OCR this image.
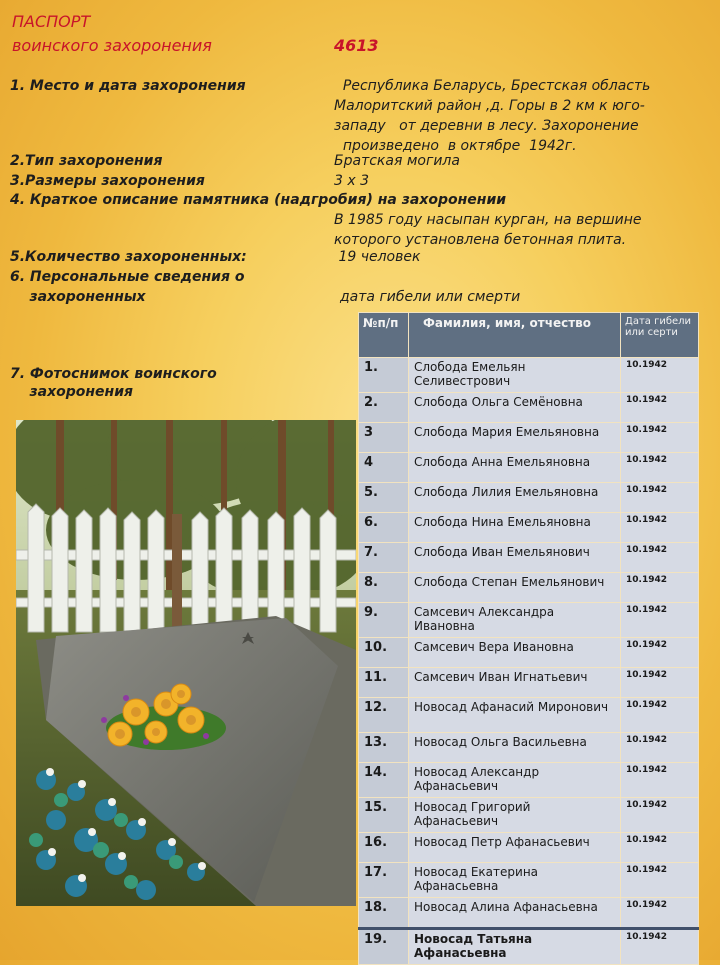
ПАСПОРТ
воинского захоронения	4613
1. Место и дата захоронения	Республика Беларусь, Брестская область
Малоритский район ,д. Горы в 2 км к юго-
западу   от деревни в лесу. Захоронение
произведено  в октябре  1942г.
2.Тип захоронения	Братская могила
3.Размеры захоронения	3 х 3
4. Краткое описание памятника (надгробия) на захоронении
В 1985 году насыпан курган, на вершине
которого установлена бетонная плита.
5.Количество захороненных:	19 человек
6. Персональные сведения о
захороненных	дата гибели или смерти
7. Фотоснимок воинского
захоронения
№п/п	Фамилия, имя, отчество	Дата гибели или серти
1.	Слобода Емельян Селивестрович	10.1942
2.	Слобода Ольга Семёновна	10.1942
3	Слобода Мария Емельяновна	10.1942
4	Слобода Анна Емельяновна	10.1942
5.	Слобода Лилия Емельяновна	10.1942
6.	Слобода Нина Емельяновна	10.1942
7.	Слобода Иван Емельянович	10.1942
8.	Слобода Степан Емельянович	10.1942
9.	Самсевич Александра Ивановна	10.1942
10.	Самсевич Вера Ивановна	10.1942
11.	Самсевич Иван Игнатьевич	10.1942
12.	Новосад Афанасий Миронович	10.1942
13.	Новосад Ольга Васильевна	10.1942
14.	Новосад Александр Афанасьевич	10.1942
15.	Новосад Григорий Афанасьевич	10.1942
16.	Новосад Петр Афанасьевич	10.1942
17.	Новосад Екатерина Афанасьевна	10.1942
18.	Новосад Алина Афанасьевна	10.1942
19.	Новосад Татьяна Афанасьевна	10.1942
